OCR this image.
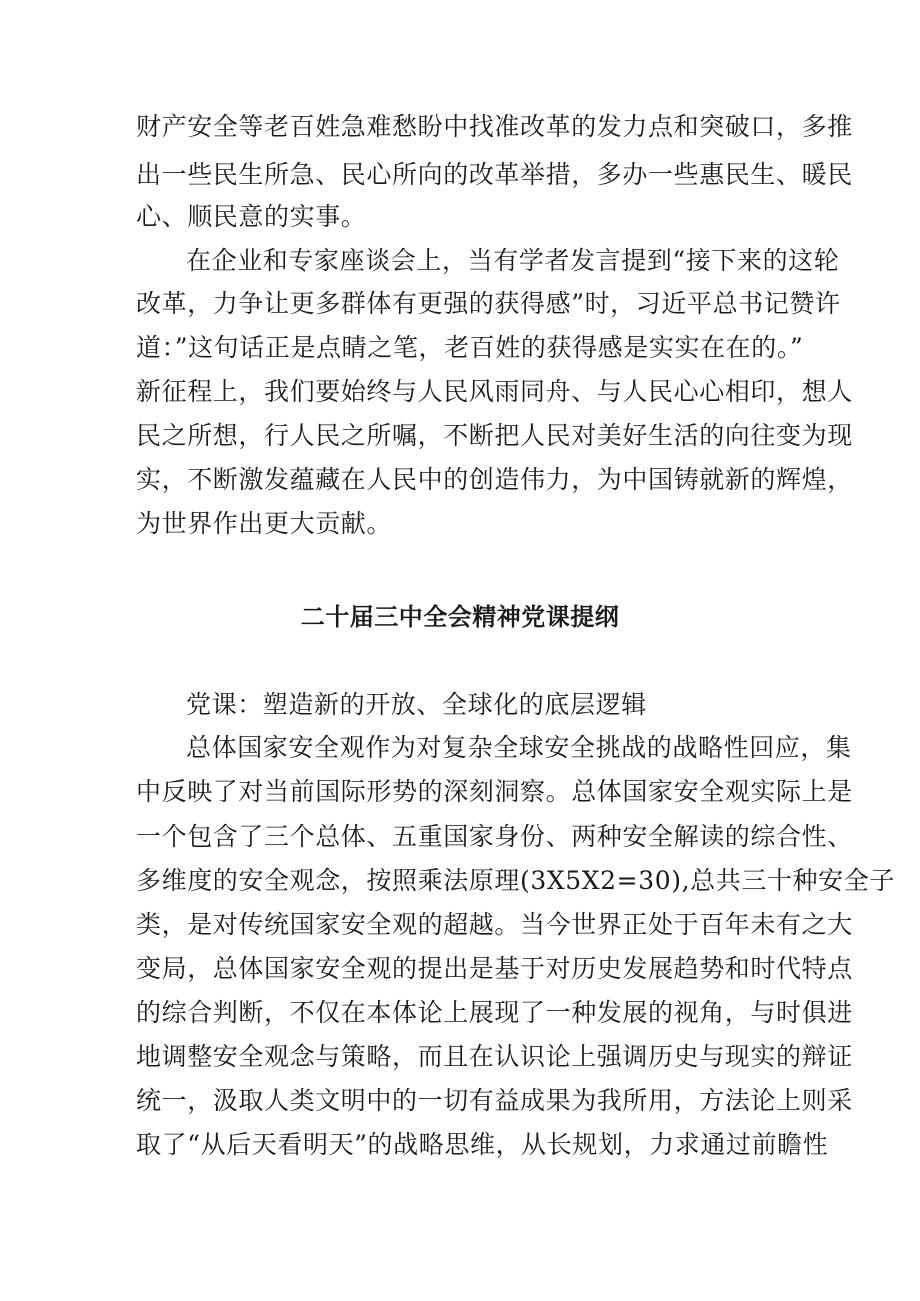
财产安全等老百姓急难愁盼中找准改革的发力点和突破口，多推

出一些民生所急、民心所向的改革举措，多办一些惠民生、暖民

心、顺民意的实事。

在企业和专家座谈会上，当有学者发言提到“接下来的这轮

改革，力争让更多群体有更强的获得感”时，习近平总书记赞许

道：”这句话正是点睛之笔，老百姓的获得感是实实在在的。”

新征程上，我们要始终与人民风雨同舟、与人民心心相印，想人

民之所想，行人民之所嘱，不断把人民对美好生活的向往变为现

实，不断激发蕴藏在人民中的创造伟力，为中国铸就新的辉煌，

为世界作出更大贡献。

二十届三中全会精神党课提纲

党课：塑造新的开放、全球化的底层逻辑

总体国家安全观作为对复杂全球安全挑战的战略性回应，集

中反映了对当前国际形势的深刻洞察。总体国家安全观实际上是

一个包含了三个总体、五重国家身份、两种安全解读的综合性、

多维度的安全观念，按照乘法原理(3X5X2=30),总共三十种安全子

类，是对传统国家安全观的超越。当今世界正处于百年未有之大

变局，总体国家安全观的提出是基于对历史发展趋势和时代特点

的综合判断，不仅在本体论上展现了一种发展的视角，与时俱进

地调整安全观念与策略，而且在认识论上强调历史与现实的辩证

统一，汲取人类文明中的一切有益成果为我所用，方法论上则采

取了“从后天看明天”的战略思维，从长规划，力求通过前瞻性
